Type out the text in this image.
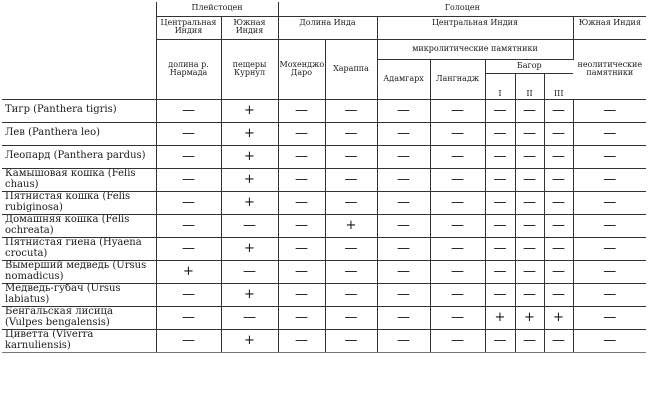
	Плейстоцен		Голоцен							
	Центральная Индия	Южная Индия	Долина Инда		Центральная Индия					Южная Индия
	долина р. Нармада	пещеры Курнул	Мохенджо Даро	Хараппа	микролитические памятники					неолитические памятники
					Адамгарх	Лангнадж	Багор			
							I	II	III	
Тигр (Panthera tigris)	—	+	—	—	—	—	—	—	—	—
Лев (Panthera leo)	—	+	—	—	—	—	—	—	—	—
Леопард (Panthera pardus)	—	+	—	—	—	—	—	—	—	—
Камышовая кошка (Felis chaus)	—	+	—	—	—	—	—	—	—	—
Пятнистая кошка (Felis rubiginosa)	—	+	—	—	—	—	—	—	—	—
Домашняя кошка (Felis ochreata)	—	—	—	+	—	—	—	—	—	—
Пятнистая гиена (Hyaena crocuta)	—	+	—	—	—	—	—	—	—	—
Вымерший медведь (Ursus nomadicus)	+	—	—	—	—	—	—	—	—	—
Медведь-губач (Ursus labiatus)	—	+	—	—	—	—	—	—	—	—
Бенгальская лисица (Vulpes bengalensis)	—	—	—	—	—	—	+	+	+	—
Циветта (Viverra karnuliensis)	—	+	—	—	—	—	—	—	—	—
